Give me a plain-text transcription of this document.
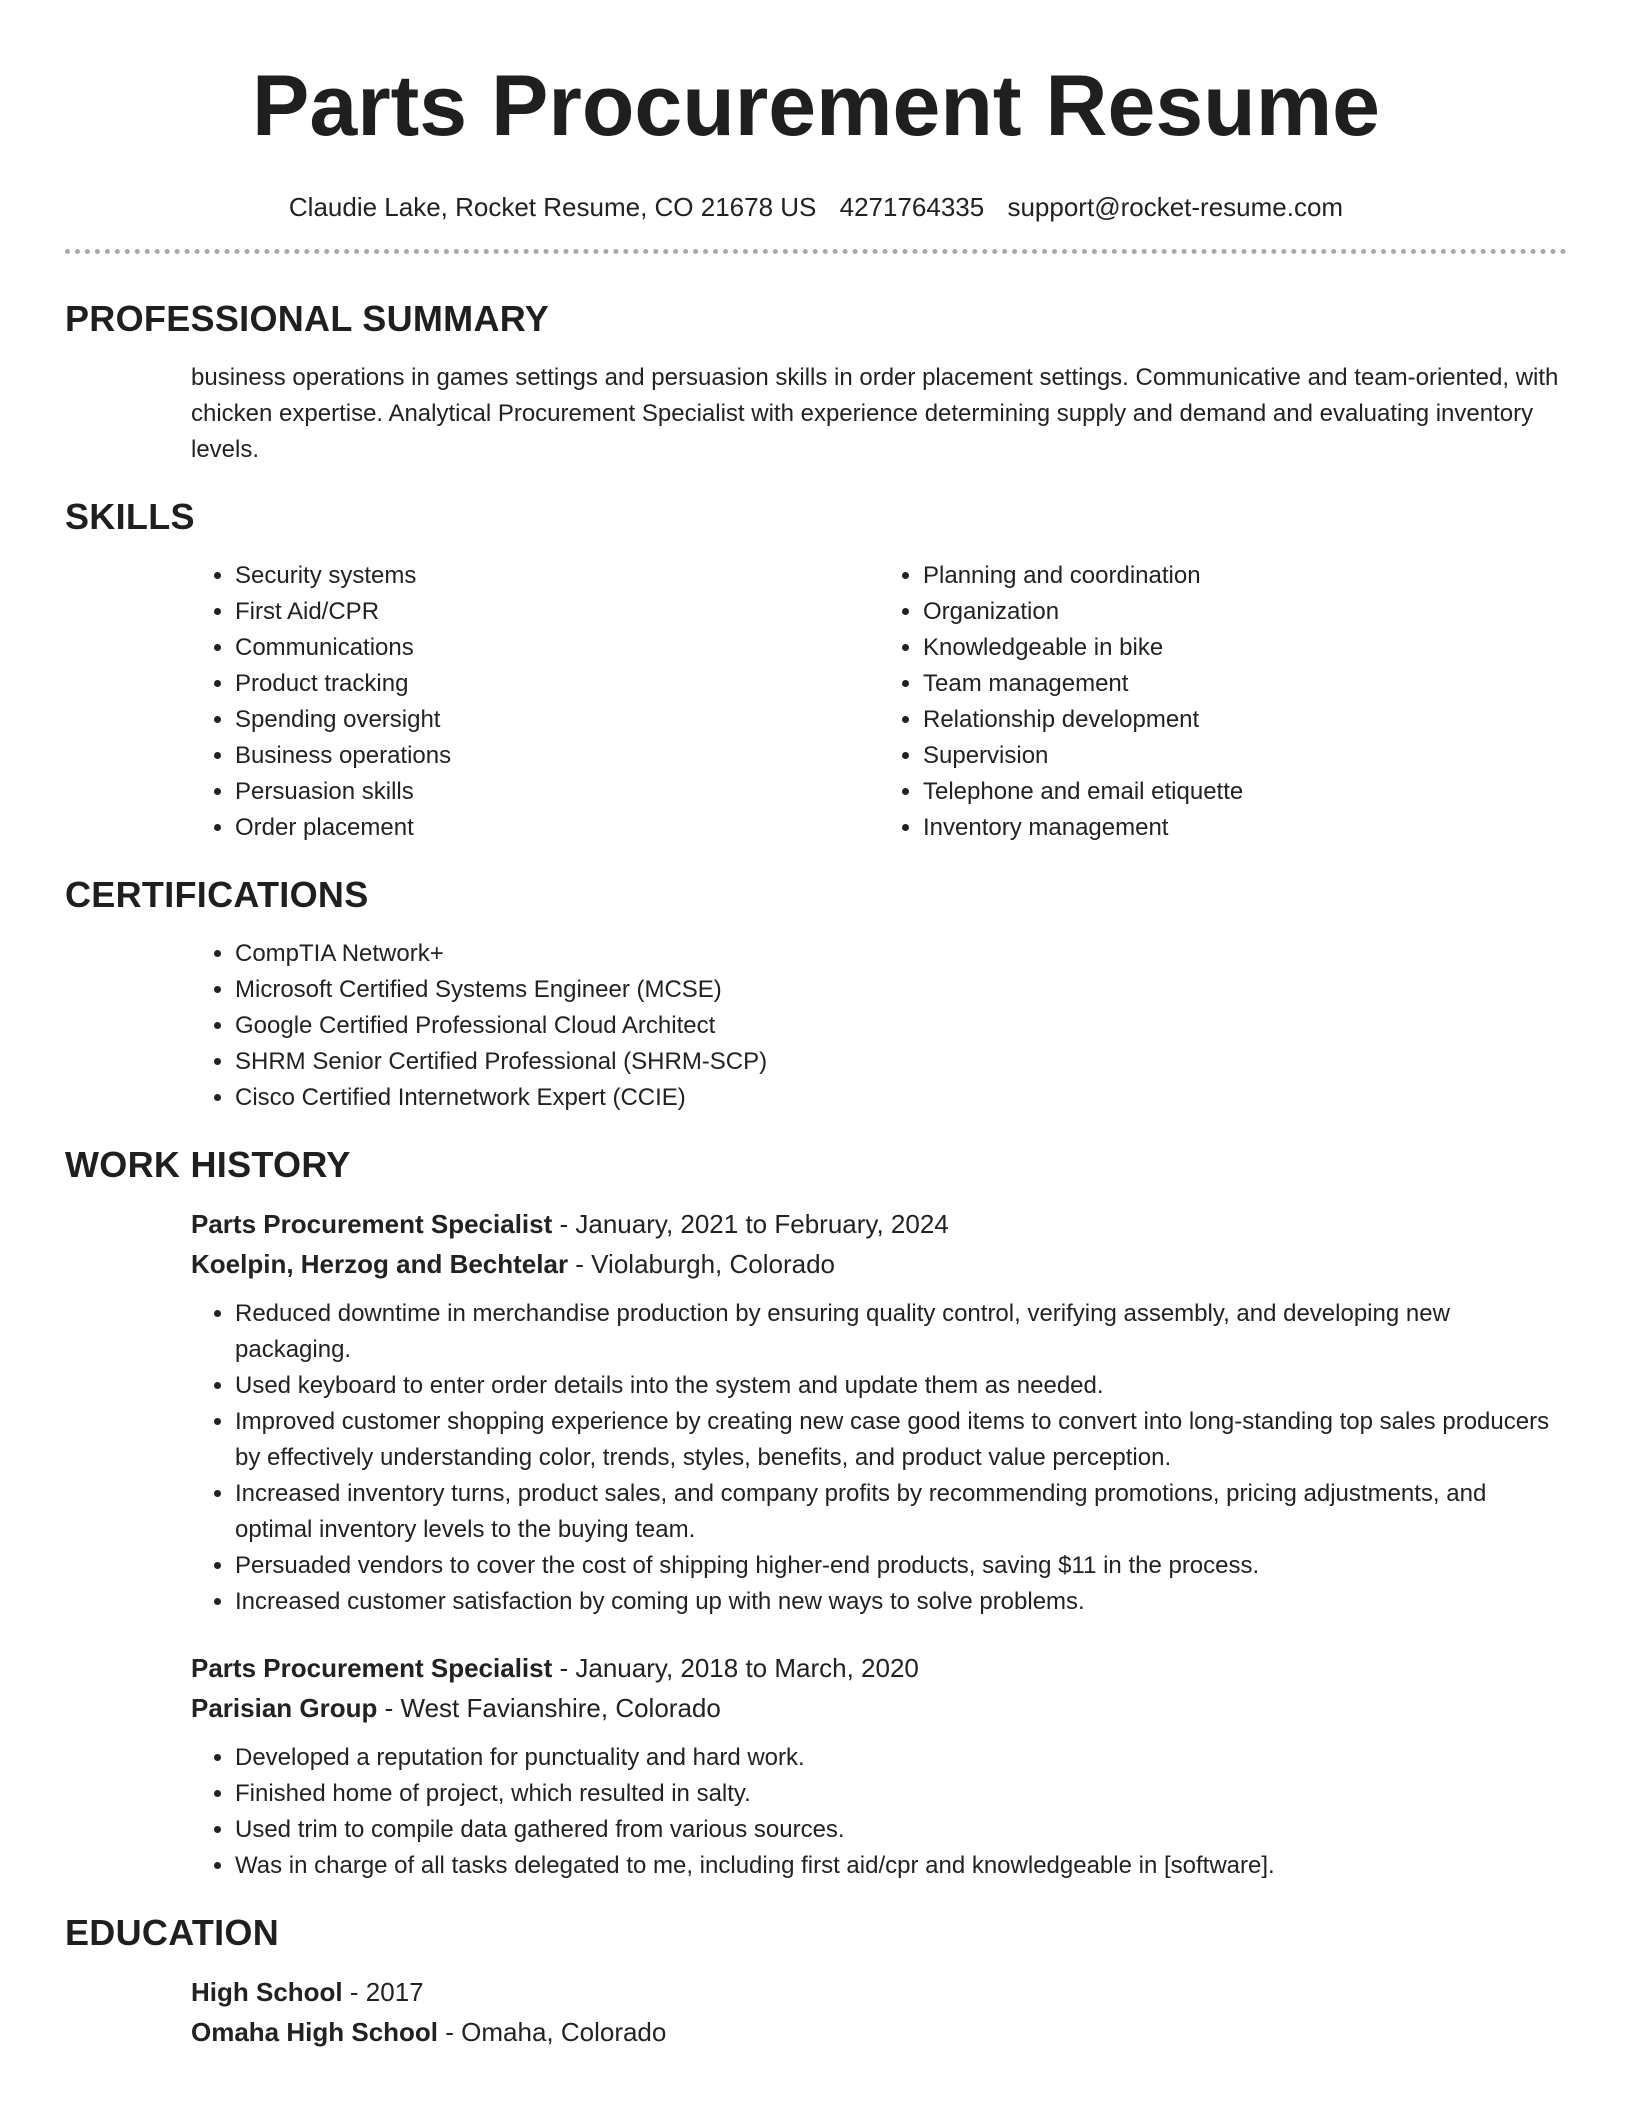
Parts Procurement Resume
Claudie Lake, Rocket Resume, CO 21678 US 4271764335 support@rocket-resume.com
PROFESSIONAL SUMMARY

business operations in games settings and persuasion skills in order placement settings. Communicative and team-oriented, with chicken expertise. Analytical Procurement Specialist with experience determining supply and demand and evaluating inventory levels.

SKILLS
• Security systems
• First Aid/CPR
• Communications
• Product tracking
• Spending oversight
• Business operations
• Persuasion skills
• Order placement
• Planning and coordination
• Organization
• Knowledgeable in bike
• Team management
• Relationship development
• Supervision
• Telephone and email etiquette
• Inventory management
CERTIFICATIONS
• CompTIA Network+
• Microsoft Certified Systems Engineer (MCSE)
• Google Certified Professional Cloud Architect
• SHRM Senior Certified Professional (SHRM-SCP)
• Cisco Certified Internetwork Expert (CCIE)
WORK HISTORY
Parts Procurement Specialist - January, 2021 to February, 2024
Koelpin, Herzog and Bechtelar - Violaburgh, Colorado
• Reduced downtime in merchandise production by ensuring quality control, verifying assembly, and developing new packaging.
• Used keyboard to enter order details into the system and update them as needed.
• Improved customer shopping experience by creating new case good items to convert into long-standing top sales producers by effectively understanding color, trends, styles, benefits, and product value perception.
• Increased inventory turns, product sales, and company profits by recommending promotions, pricing adjustments, and optimal inventory levels to the buying team.
• Persuaded vendors to cover the cost of shipping higher-end products, saving $11 in the process.
• Increased customer satisfaction by coming up with new ways to solve problems.
Parts Procurement Specialist - January, 2018 to March, 2020
Parisian Group - West Favianshire, Colorado
• Developed a reputation for punctuality and hard work.
• Finished home of project, which resulted in salty.
• Used trim to compile data gathered from various sources.
• Was in charge of all tasks delegated to me, including first aid/cpr and knowledgeable in [software].
EDUCATION
High School - 2017
Omaha High School - Omaha, Colorado
